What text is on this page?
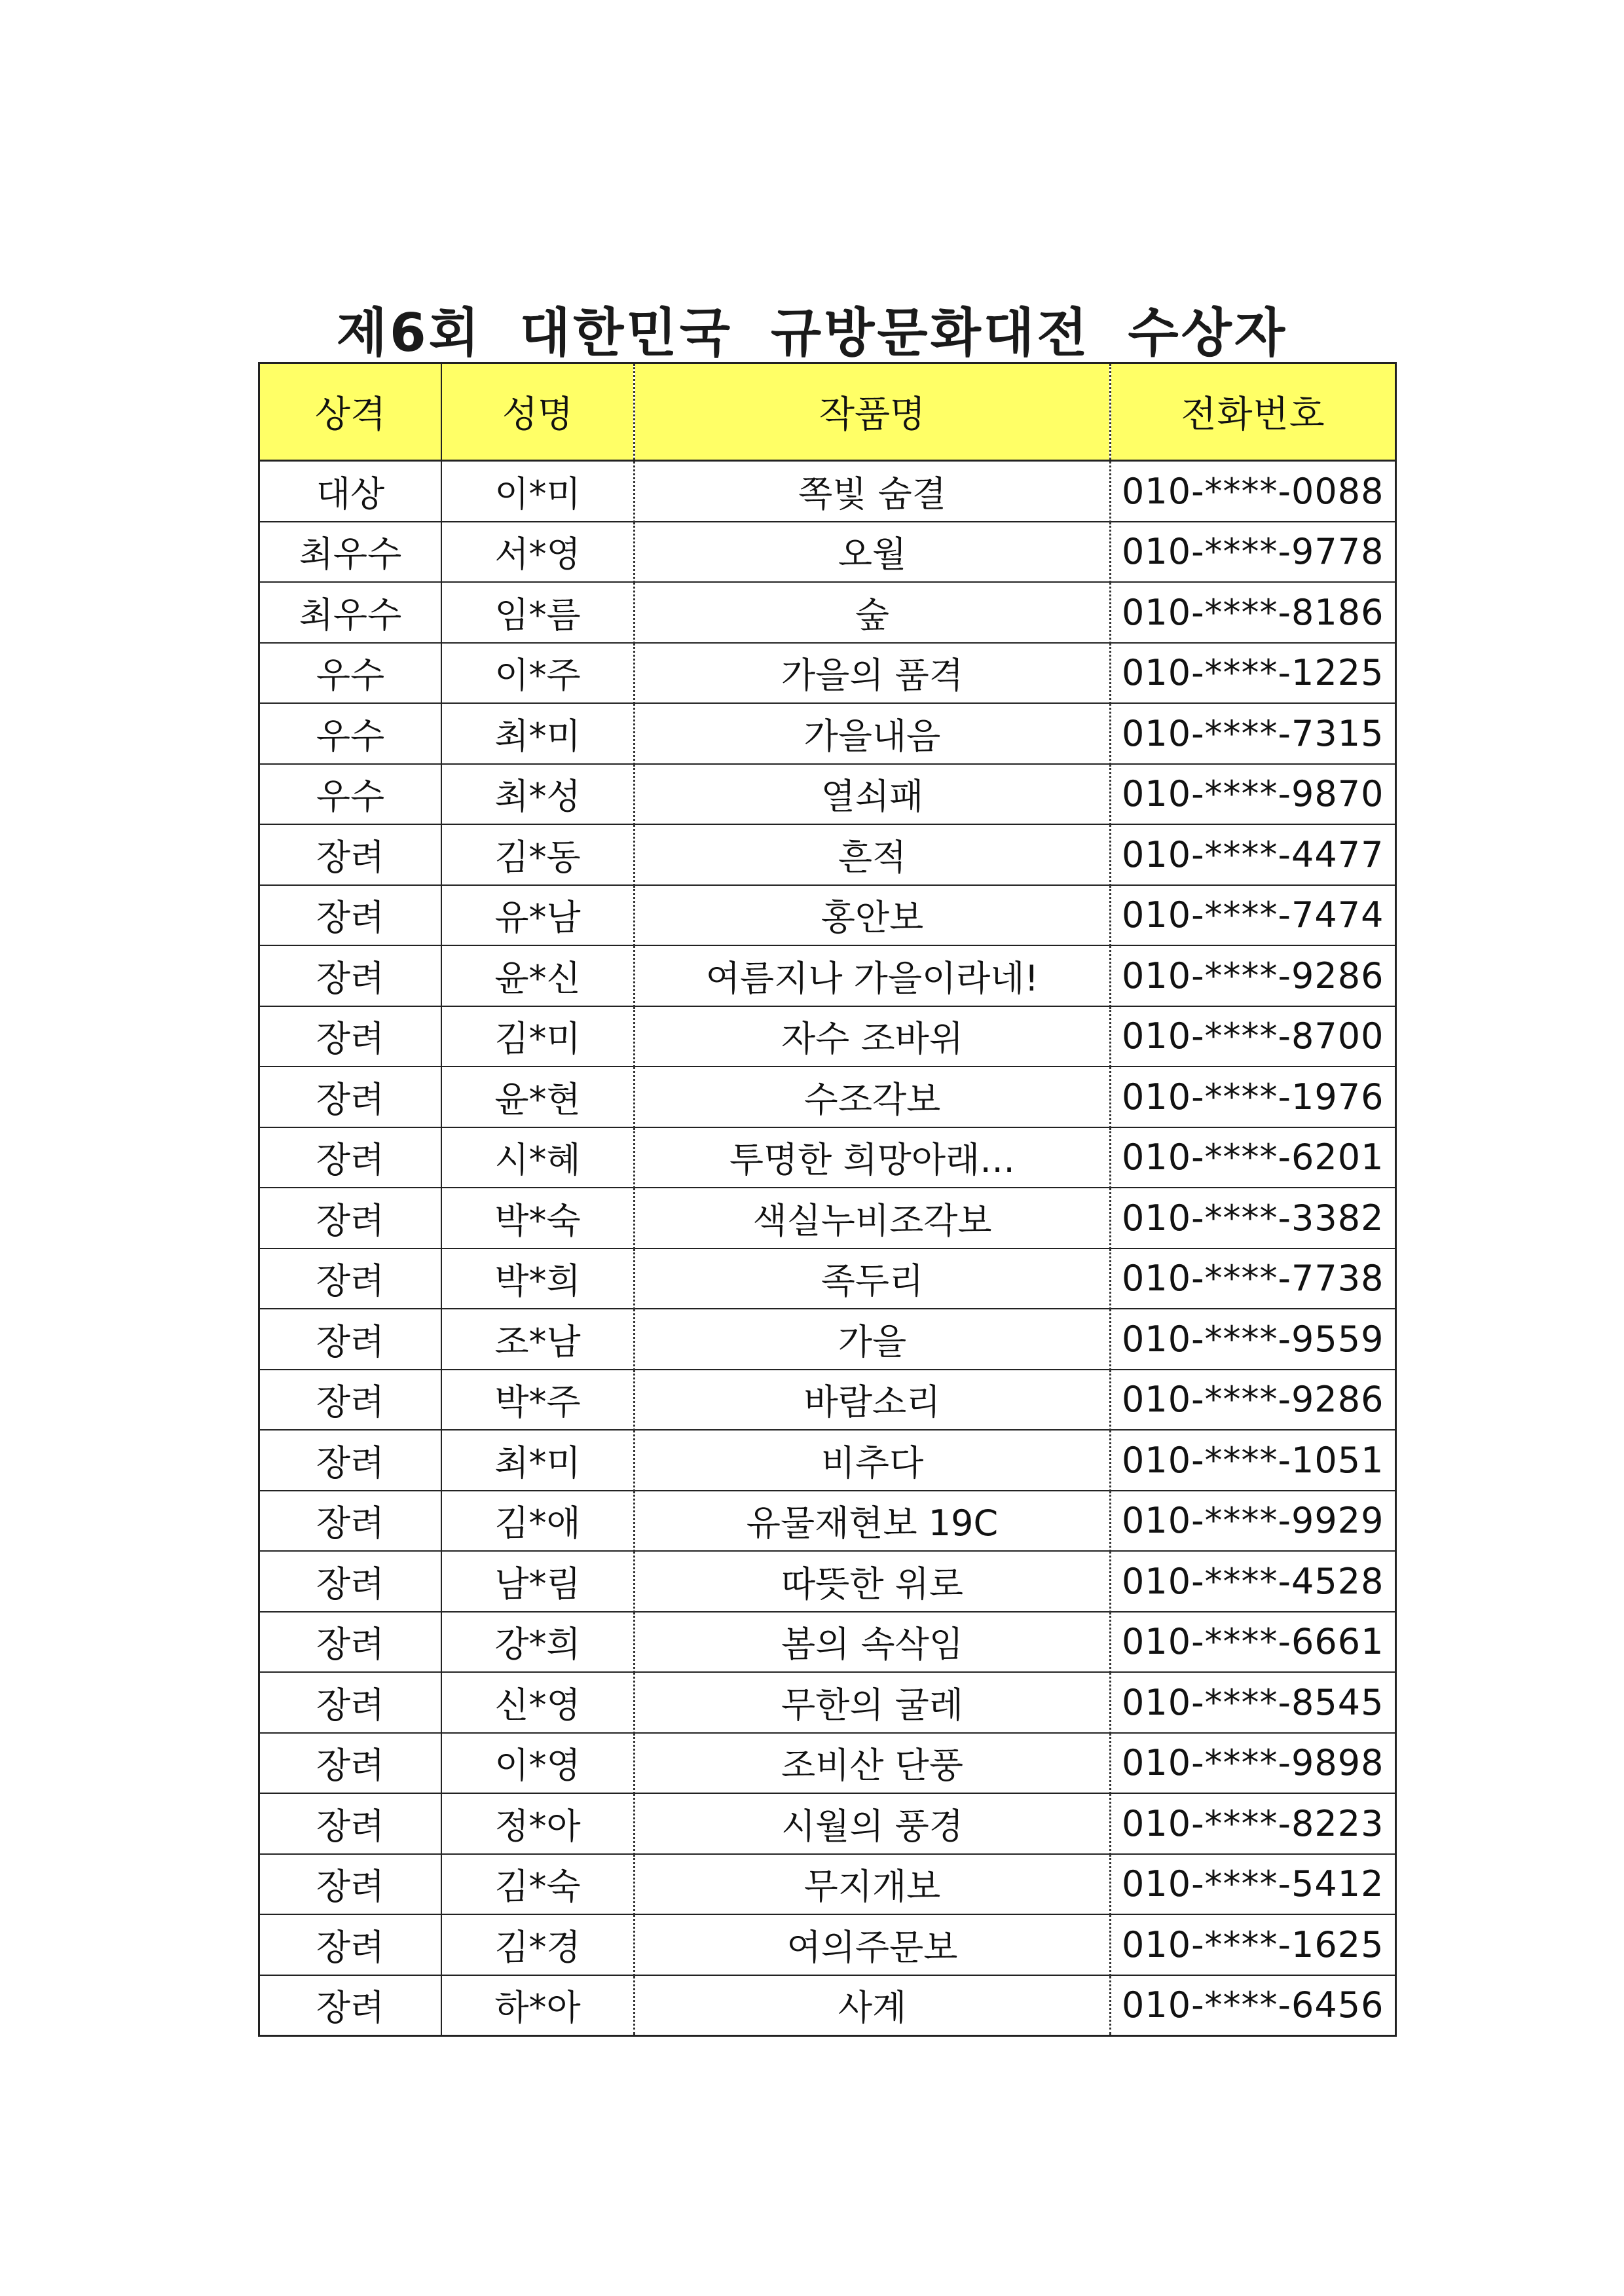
제6회 대한민국 규방문화대전 수상자
상격	성명	작품명	전화번호
대상	이*미	쪽빛 숨결	010-****-0088
최우수	서*영	오월	010-****-9778
최우수	임*름	숲	010-****-8186
우수	이*주	가을의 품격	010-****-1225
우수	최*미	가을내음	010-****-7315
우수	최*성	열쇠패	010-****-9870
장려	김*동	흔적	010-****-4477
장려	유*남	홍안보	010-****-7474
장려	윤*신	여름지나 가을이라네!	010-****-9286
장려	김*미	자수 조바위	010-****-8700
장려	윤*현	수조각보	010-****-1976
장려	시*혜	투명한 희망아래…	010-****-6201
장려	박*숙	색실누비조각보	010-****-3382
장려	박*희	족두리	010-****-7738
장려	조*남	가을	010-****-9559
장려	박*주	바람소리	010-****-9286
장려	최*미	비추다	010-****-1051
장려	김*애	유물재현보 19C	010-****-9929
장려	남*림	따뜻한 위로	010-****-4528
장려	강*희	봄의 속삭임	010-****-6661
장려	신*영	무한의 굴레	010-****-8545
장려	이*영	조비산 단풍	010-****-9898
장려	정*아	시월의 풍경	010-****-8223
장려	김*숙	무지개보	010-****-5412
장려	김*경	여의주문보	010-****-1625
장려	하*아	사계	010-****-6456
